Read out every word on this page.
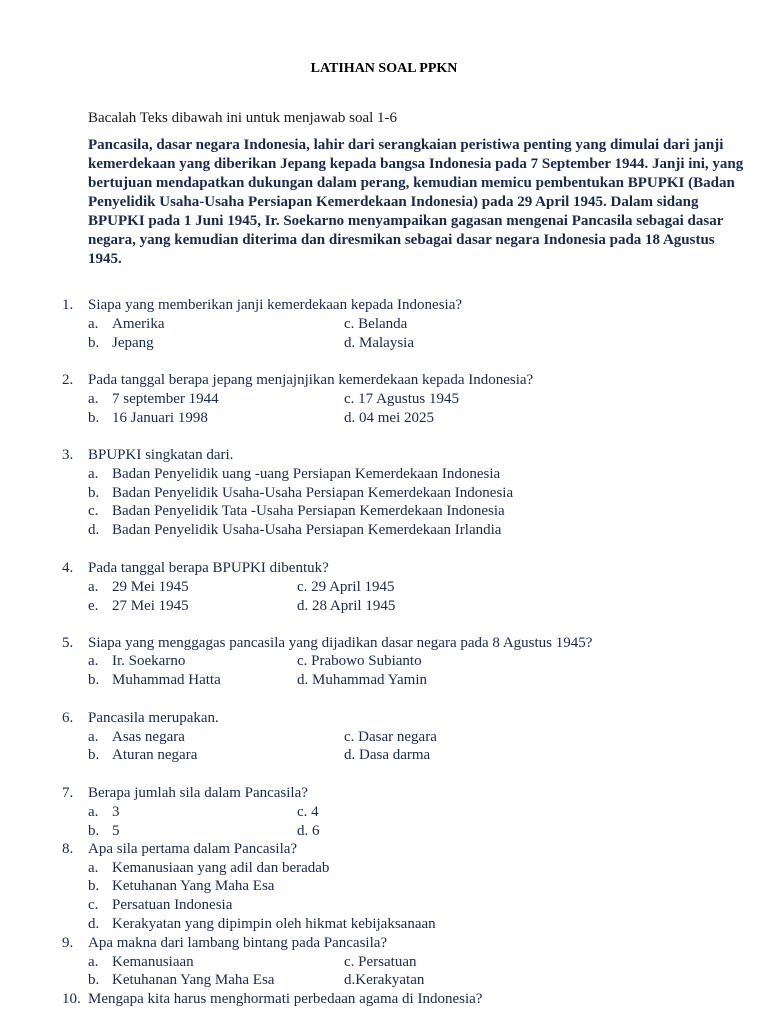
LATIHAN SOAL PPKN
Bacalah Teks dibawah ini untuk menjawab soal 1-6
Pancasila, dasar negara Indonesia, lahir dari serangkaian peristiwa penting yang dimulai dari janji kemerdekaan yang diberikan Jepang kepada bangsa Indonesia pada 7 September 1944. Janji ini, yang bertujuan mendapatkan dukungan dalam perang, kemudian memicu pembentukan BPUPKI (Badan Penyelidik Usaha-Usaha Persiapan Kemerdekaan Indonesia) pada 29 April 1945. Dalam sidang BPUPKI pada 1 Juni 1945, Ir. Soekarno menyampaikan gagasan mengenai Pancasila sebagai dasar negara, yang kemudian diterima dan diresmikan sebagai dasar negara Indonesia pada 18 Agustus 1945.
1. Siapa yang memberikan janji kemerdekaan kepada Indonesia?
a. Amerika	c. Belanda
b. Jepang	d. Malaysia
2. Pada tanggal berapa jepang menjajnjikan kemerdekaan kepada Indonesia?
a. 7 september 1944	c. 17 Agustus 1945
b. 16 Januari 1998	d. 04 mei 2025
3. BPUPKI singkatan dari.
a. Badan Penyelidik uang -uang Persiapan Kemerdekaan Indonesia
b. Badan Penyelidik Usaha-Usaha Persiapan Kemerdekaan Indonesia
c. Badan Penyelidik Tata -Usaha Persiapan Kemerdekaan Indonesia
d. Badan Penyelidik Usaha-Usaha Persiapan Kemerdekaan Irlandia
4. Pada tanggal berapa BPUPKI dibentuk?
a. 29 Mei 1945	c. 29 April 1945
e. 27 Mei 1945	d. 28 April 1945
5. Siapa yang menggagas pancasila yang dijadikan dasar negara pada 8 Agustus 1945?
a. Ir. Soekarno	c. Prabowo Subianto
b. Muhammad Hatta	d. Muhammad Yamin
6. Pancasila merupakan.
a. Asas negara	c. Dasar negara
b. Aturan negara	d. Dasa darma
7. Berapa jumlah sila dalam Pancasila?
a. 3	c. 4
b. 5	d. 6
8. Apa sila pertama dalam Pancasila?
a. Kemanusiaan yang adil dan beradab
b. Ketuhanan Yang Maha Esa
c. Persatuan Indonesia
d. Kerakyatan yang dipimpin oleh hikmat kebijaksanaan
9. Apa makna dari lambang bintang pada Pancasila?
a. Kemanusiaan	c. Persatuan
b. Ketuhanan Yang Maha Esa	d.Kerakyatan
10. Mengapa kita harus menghormati perbedaan agama di Indonesia?
